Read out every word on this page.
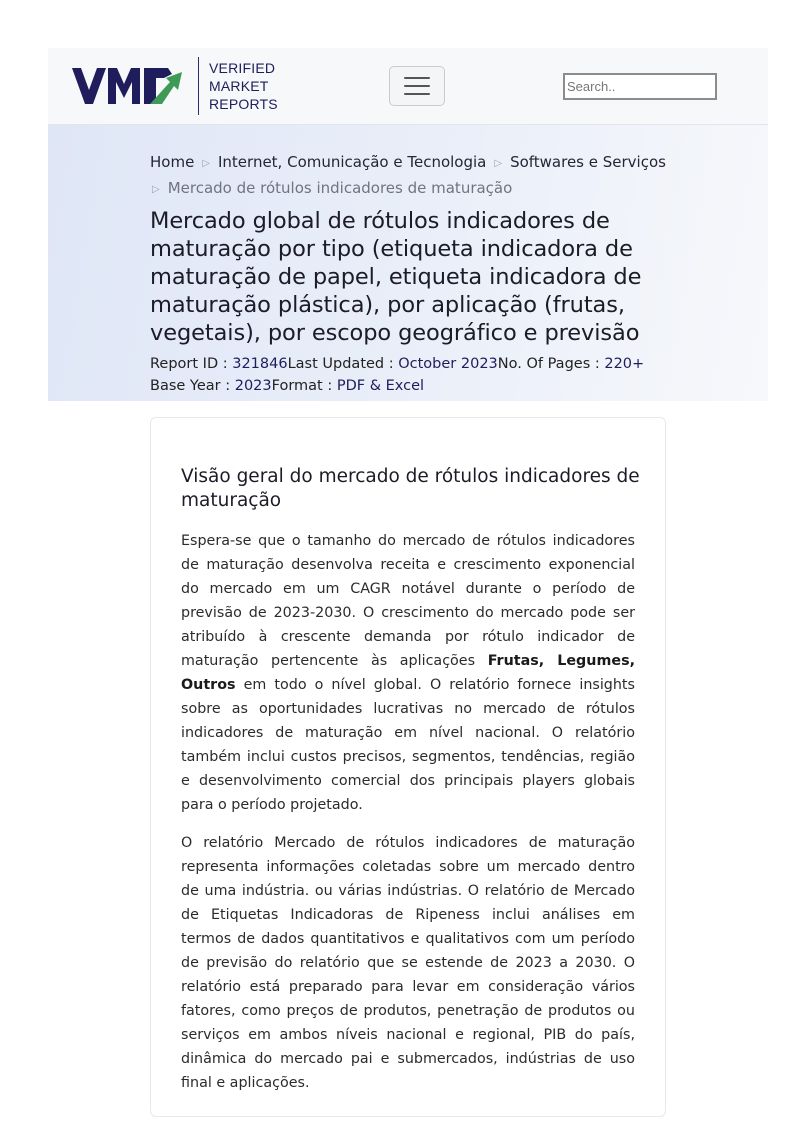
VERIFIED
MARKET
REPORTS
Search..
Home ▷ Internet, Comunicação e Tecnologia ▷ Softwares e Serviços
▷ Mercado de rótulos indicadores de maturação
Mercado global de rótulos indicadores de maturação por tipo (etiqueta indicadora de maturação de papel, etiqueta indicadora de maturação plástica), por aplicação (frutas, vegetais), por escopo geográfico e previsão
Report ID : 321846Last Updated : October 2023No. Of Pages : 220+
Base Year : 2023Format : PDF & Excel
Visão geral do mercado de rótulos indicadores de maturação

Espera-se que o tamanho do mercado de rótulos indicadores de maturação desenvolva receita e crescimento exponencial do mercado em um CAGR notável durante o período de previsão de 2023-2030. O crescimento do mercado pode ser atribuído à crescente demanda por rótulo indicador de maturação pertencente às aplicações Frutas, Legumes, Outros em todo o nível global. O relatório fornece insights sobre as oportunidades lucrativas no mercado de rótulos indicadores de maturação em nível nacional. O relatório também inclui custos precisos, segmentos, tendências, região e desenvolvimento comercial dos principais players globais para o período projetado.

O relatório Mercado de rótulos indicadores de maturação representa informações coletadas sobre um mercado dentro de uma indústria. ou várias indústrias. O relatório de Mercado de Etiquetas Indicadoras de Ripeness inclui análises em termos de dados quantitativos e qualitativos com um período de previsão do relatório que se estende de 2023 a 2030. O relatório está preparado para levar em consideração vários fatores, como preços de produtos, penetração de produtos ou serviços em ambos níveis nacional e regional, PIB do país, dinâmica do mercado pai e submercados, indústrias de uso final e aplicações.
